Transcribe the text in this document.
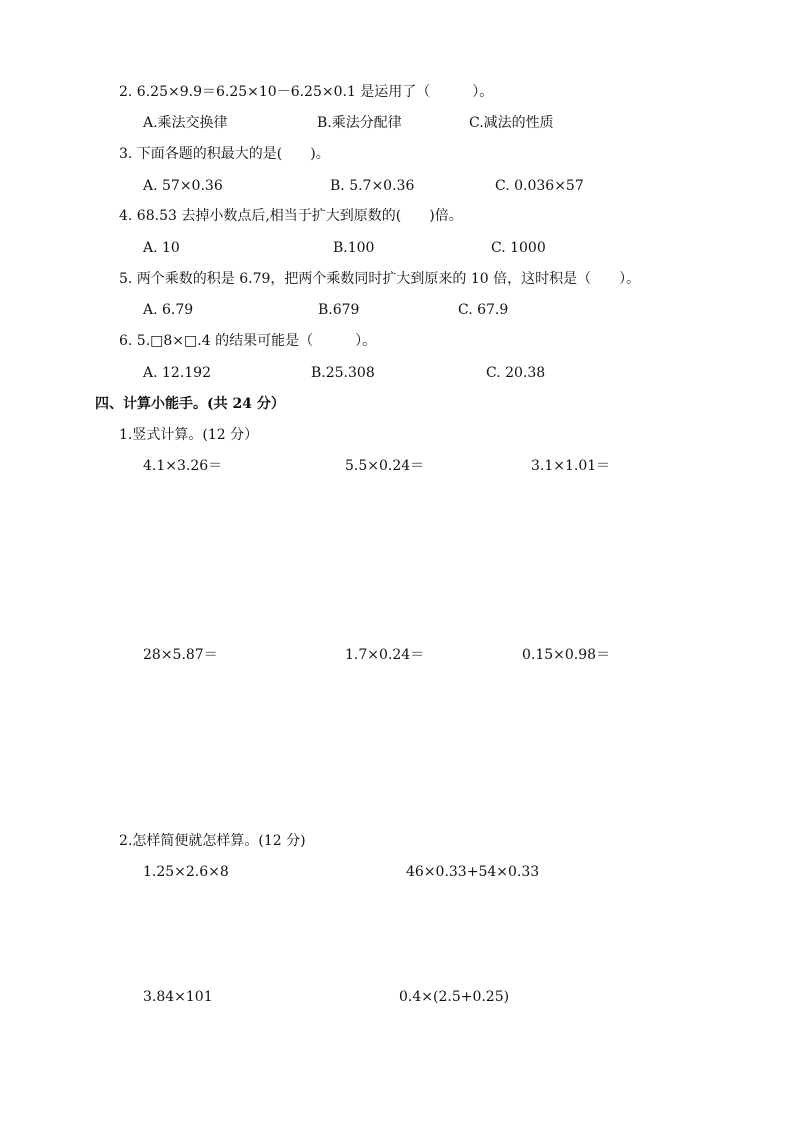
2. 6.25×9.9＝6.25×10－6.25×0.1 是运用了（　　　）。
A.乘法交换律	B.乘法分配律	C.减法的性质
3. 下面各题的积最大的是(　　)。
A. 57×0.36	B. 5.7×0.36	C. 0.036×57
4. 68.53 去掉小数点后,相当于扩大到原数的(　　)倍。
A. 10	B.100	C. 1000
5. 两个乘数的积是 6.79，把两个乘数同时扩大到原来的 10 倍，这时积是（　　）。
A. 6.79	B.679	C. 67.9
6. 5.□8×□.4 的结果可能是（　　　）。
A. 12.192	B.25.308	C. 20.38
四、计算小能手。(共 24 分）
1.竖式计算。(12 分）
4.1×3.26＝	5.5×0.24＝	3.1×1.01＝
28×5.87＝	1.7×0.24＝	0.15×0.98＝
2.怎样简便就怎样算。(12 分)
1.25×2.6×8	46×0.33+54×0.33
3.84×101	0.4×(2.5+0.25)
